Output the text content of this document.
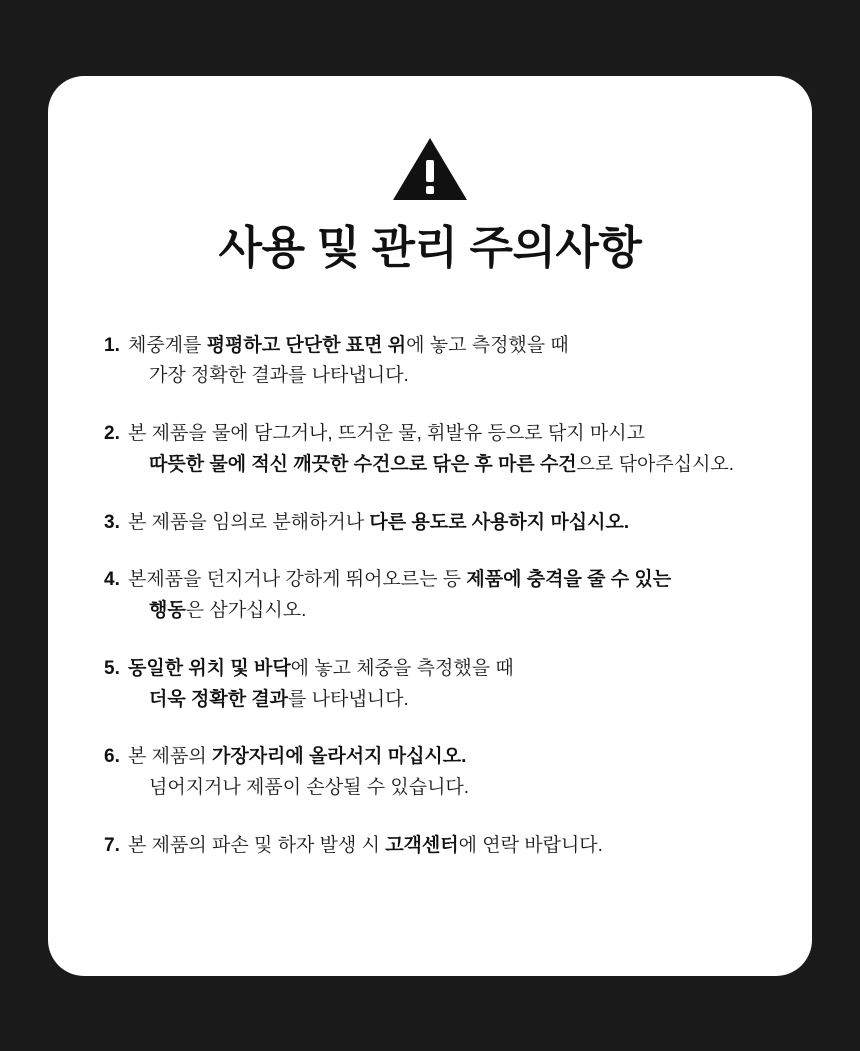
사용 및 관리 주의사항
1. 체중계를 평평하고 단단한 표면 위에 놓고 측정했을 때
가장 정확한 결과를 나타냅니다.
2. 본 제품을 물에 담그거나, 뜨거운 물, 휘발유 등으로 닦지 마시고
따뜻한 물에 적신 깨끗한 수건으로 닦은 후 마른 수건으로 닦아주십시오.
3. 본 제품을 임의로 분해하거나 다른 용도로 사용하지 마십시오.
4. 본제품을 던지거나 강하게 뛰어오르는 등 제품에 충격을 줄 수 있는
행동은 삼가십시오.
5. 동일한 위치 및 바닥에 놓고 체중을 측정했을 때
더욱 정확한 결과를 나타냅니다.
6. 본 제품의 가장자리에 올라서지 마십시오.
넘어지거나 제품이 손상될 수 있습니다.
7. 본 제품의 파손 및 하자 발생 시 고객센터에 연락 바랍니다.
